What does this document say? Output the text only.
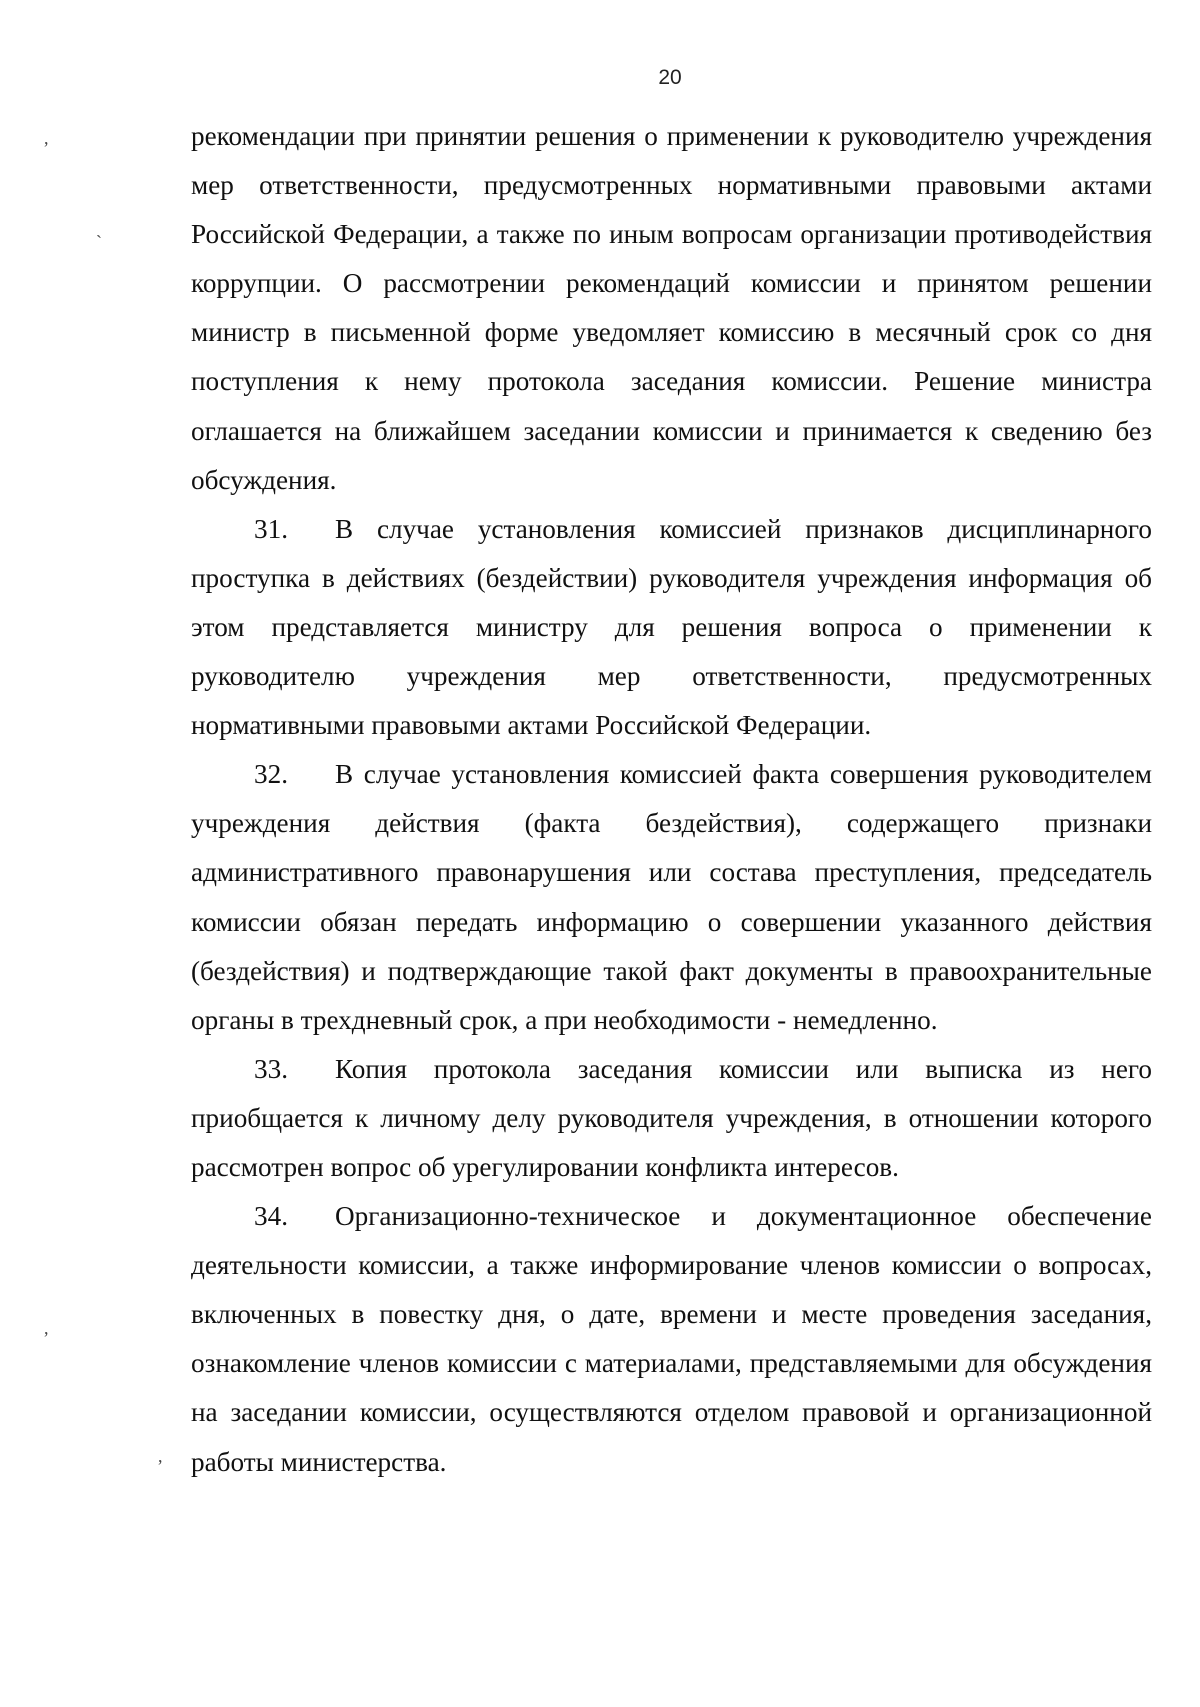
20
,
ˎ
,
,

рекомендации при принятии решения о применении к руководителю учреждения мер ответственности, предусмотренных нормативными правовыми актами Российской Федерации, а также по иным вопросам организации противодействия коррупции. О рассмотрении рекомендаций комиссии и принятом решении министр в письменной форме уведомляет комиссию в месячный срок со дня поступления к нему протокола заседания комиссии. Решение министра оглашается на ближайшем заседании комиссии и принимается к сведению без обсуждения.

31. В случае установления комиссией признаков дисциплинарного проступка в действиях (бездействии) руководителя учреждения информация об этом представляется министру для решения вопроса о применении к руководителю учреждения мер ответственности, предусмотренных нормативными правовыми актами Российской Федерации.

32. В случае установления комиссией факта совершения руководителем учреждения действия (факта бездействия), содержащего признаки административного правонарушения или состава преступления, председатель комиссии обязан передать информацию о совершении указанного действия (бездействия) и подтверждающие такой факт документы в правоохранительные органы в трехдневный срок, а при необходимости - немедленно.

33. Копия протокола заседания комиссии или выписка из него приобщается к личному делу руководителя учреждения, в отношении которого рассмотрен вопрос об урегулировании конфликта интересов.

34. Организационно-техническое и документационное обеспечение деятельности комиссии, а также информирование членов комиссии о вопросах, включенных в повестку дня, о дате, времени и месте проведения заседания, ознакомление членов комиссии с материалами, представляемыми для обсуждения на заседании комиссии, осуществляются отделом правовой и организационной работы министерства.
